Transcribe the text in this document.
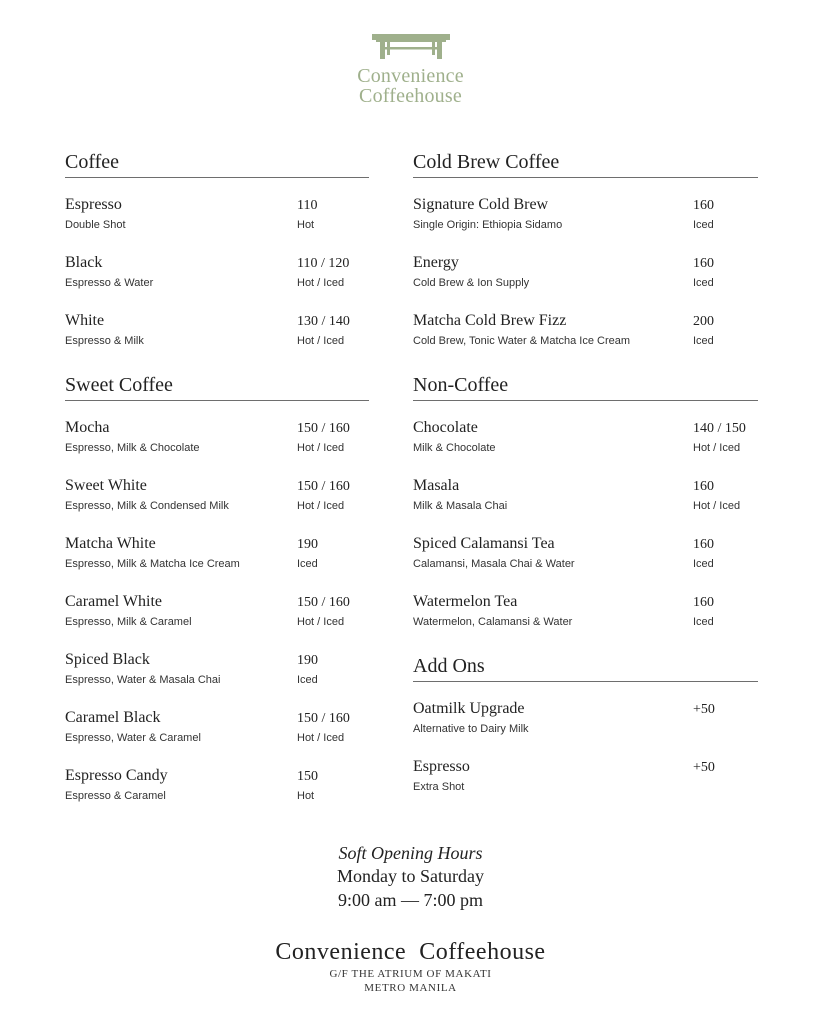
Convenience
Coffeehouse
Coffee
Espresso
Double Shot
110
Hot
Black
Espresso & Water
110 / 120
Hot / Iced
White
Espresso & Milk
130 / 140
Hot / Iced
Sweet Coffee
Mocha
Espresso, Milk & Chocolate
150 / 160
Hot / Iced
Sweet White
Espresso, Milk & Condensed Milk
150 / 160
Hot / Iced
Matcha White
Espresso, Milk & Matcha Ice Cream
190
Iced
Caramel White
Espresso, Milk & Caramel
150 / 160
Hot / Iced
Spiced Black
Espresso, Water & Masala Chai
190
Iced
Caramel Black
Espresso, Water & Caramel
150 / 160
Hot / Iced
Espresso Candy
Espresso & Caramel
150
Hot
Cold Brew Coffee
Signature Cold Brew
Single Origin: Ethiopia Sidamo
160
Iced
Energy
Cold Brew & Ion Supply
160
Iced
Matcha Cold Brew Fizz
Cold Brew, Tonic Water & Matcha Ice Cream
200
Iced
Non-Coffee
Chocolate
Milk & Chocolate
140 / 150
Hot / Iced
Masala
Milk & Masala Chai
160
Hot / Iced
Spiced Calamansi Tea
Calamansi, Masala Chai & Water
160
Iced
Watermelon Tea
Watermelon, Calamansi & Water
160
Iced
Add Ons
Oatmilk Upgrade
Alternative to Dairy Milk
+50
Espresso
Extra Shot
+50
Soft Opening Hours
Monday to Saturday
9:00 am — 7:00 pm
Convenience  Coffeehouse
G/F THE ATRIUM OF MAKATI
METRO MANILA
